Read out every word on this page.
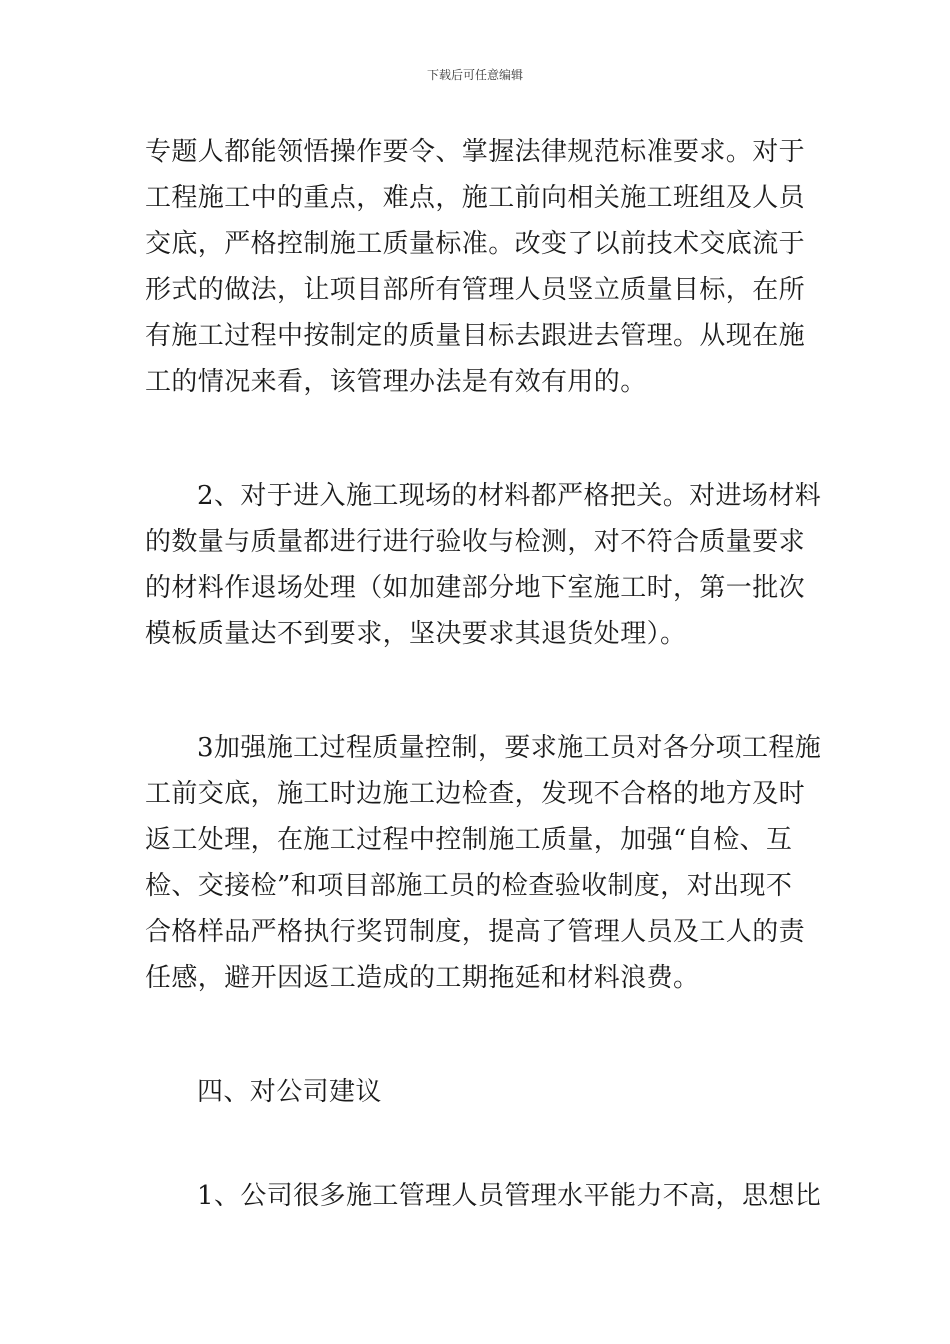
下载后可任意编辑
专题人都能领悟操作要令、掌握法律规范标准要求。对于
工程施工中的重点，难点，施工前向相关施工班组及人员
交底，严格控制施工质量标准。改变了以前技术交底流于
形式的做法，让项目部所有管理人员竖立质量目标，在所
有施工过程中按制定的质量目标去跟进去管理。从现在施
工的情况来看，该管理办法是有效有用的。
2、对于进入施工现场的材料都严格把关。对进场材料
的数量与质量都进行进行验收与检测，对不符合质量要求
的材料作退场处理（如加建部分地下室施工时，第一批次
模板质量达不到要求，坚决要求其退货处理）。
3加强施工过程质量控制，要求施工员对各分项工程施
工前交底，施工时边施工边检查，发现不合格的地方及时
返工处理，在施工过程中控制施工质量，加强“自检、互
检、交接检”和项目部施工员的检查验收制度，对出现不
合格样品严格执行奖罚制度，提高了管理人员及工人的责
任感，避开因返工造成的工期拖延和材料浪费。
四、对公司建议
1、公司很多施工管理人员管理水平能力不高，思想比
